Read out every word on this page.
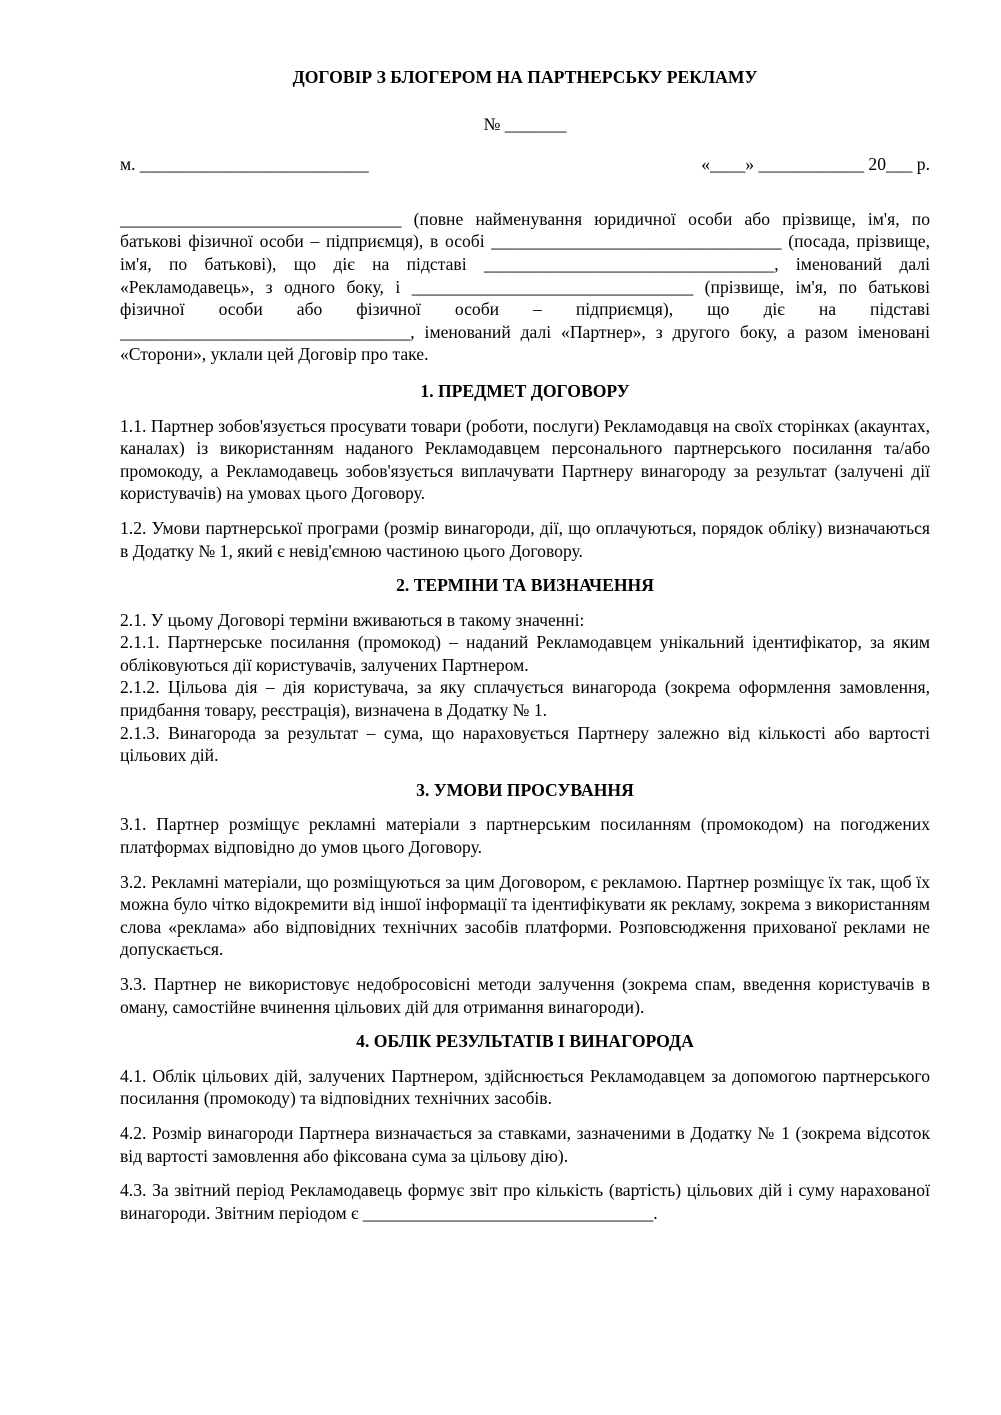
ДОГОВІР З БЛОГЕРОМ НА ПАРТНЕРСЬКУ РЕКЛАМУ
№ _______
м. __________________________	«____» ____________ 20___ р.
________________________________ (повне найменування юридичної особи або прізвище, ім'я, по батькові фізичної особи – підприємця), в особі _________________________________ (посада, прізвище, ім'я, по батькові), що діє на підставі _________________________________, іменований далі «Рекламодавець», з одного боку, і ________________________________ (прізвище, ім'я, по батькові фізичної особи або фізичної особи – підприємця), що діє на підставі _________________________________, іменований далі «Партнер», з другого боку, а разом іменовані «Сторони», уклали цей Договір про таке.
1. ПРЕДМЕТ ДОГОВОРУ

1.1. Партнер зобов'язується просувати товари (роботи, послуги) Рекламодавця на своїх сторінках (акаунтах, каналах) із використанням наданого Рекламодавцем персонального партнерського посилання та/або промокоду, а Рекламодавець зобов'язується виплачувати Партнеру винагороду за результат (залучені дії користувачів) на умовах цього Договору.

1.2. Умови партнерської програми (розмір винагороди, дії, що оплачуються, порядок обліку) визначаються в Додатку № 1, який є невід'ємною частиною цього Договору.

2. ТЕРМІНИ ТА ВИЗНАЧЕННЯ

2.1. У цьому Договорі терміни вживаються в такому значенні:

2.1.1. Партнерське посилання (промокод) – наданий Рекламодавцем унікальний ідентифікатор, за яким обліковуються дії користувачів, залучених Партнером.

2.1.2. Цільова дія – дія користувача, за яку сплачується винагорода (зокрема оформлення замовлення, придбання товару, реєстрація), визначена в Додатку № 1.

2.1.3. Винагорода за результат – сума, що нараховується Партнеру залежно від кількості або вартості цільових дій.

3. УМОВИ ПРОСУВАННЯ

3.1. Партнер розміщує рекламні матеріали з партнерським посиланням (промокодом) на погоджених платформах відповідно до умов цього Договору.

3.2. Рекламні матеріали, що розміщуються за цим Договором, є рекламою. Партнер розміщує їх так, щоб їх можна було чітко відокремити від іншої інформації та ідентифікувати як рекламу, зокрема з використанням слова «реклама» або відповідних технічних засобів платформи. Розповсюдження прихованої реклами не допускається.

3.3. Партнер не використовує недобросовісні методи залучення (зокрема спам, введення користувачів в оману, самостійне вчинення цільових дій для отримання винагороди).

4. ОБЛІК РЕЗУЛЬТАТІВ І ВИНАГОРОДА

4.1. Облік цільових дій, залучених Партнером, здійснюється Рекламодавцем за допомогою партнерського посилання (промокоду) та відповідних технічних засобів.

4.2. Розмір винагороди Партнера визначається за ставками, зазначеними в Додатку № 1 (зокрема відсоток від вартості замовлення або фіксована сума за цільову дію).

4.3. За звітний період Рекламодавець формує звіт про кількість (вартість) цільових дій і суму нарахованої винагороди. Звітним періодом є _________________________________.
